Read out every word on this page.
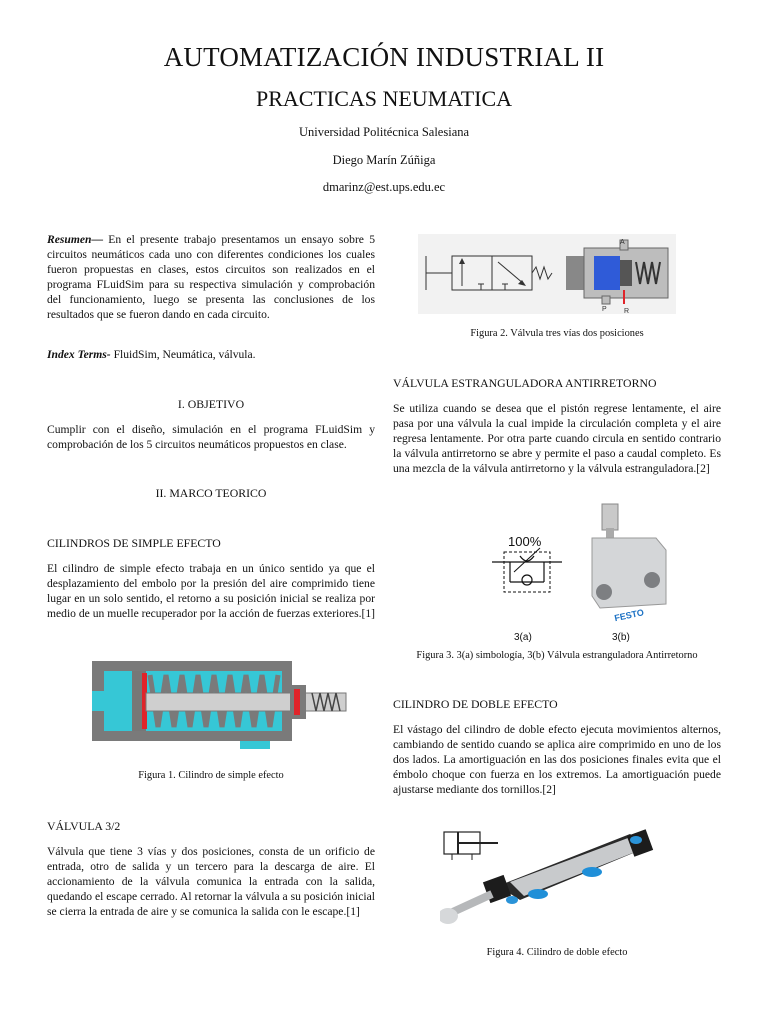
AUTOMATIZACIÓN INDUSTRIAL II
PRACTICAS NEUMATICA
Universidad Politécnica Salesiana
Diego Marín Zúñiga
dmarinz@est.ups.edu.ec
Resumen— En el presente trabajo presentamos un ensayo sobre 5 circuitos neumáticos cada uno con diferentes condiciones los cuales fueron propuestas en clases, estos circuitos son realizados en el programa FLuidSim para su respectiva simulación y comprobación del funcionamiento, luego se presenta las conclusiones de los resultados que se fueron dando en cada circuito.
Index Terms- FluidSim, Neumática, válvula.
I. OBJETIVO

Cumplir con el diseño, simulación en el programa FLuidSim y comprobación de los 5 circuitos neumáticos propuestos en clase.

II. MARCO TEORICO
CILINDROS DE SIMPLE EFECTO

El cilindro de simple efecto trabaja en un único sentido ya que el desplazamiento del embolo por la presión del aire comprimido tiene lugar en un solo sentido, el retorno a su posición inicial se realiza por medio de un muelle recuperador por la acción de fuerzas exteriores.[1]

Figura 1. Cilindro de simple efecto
VÁLVULA 3/2

Válvula que tiene 3 vías y dos posiciones, consta de un orificio de entrada, otro de salida y un tercero para la descarga de aire. El accionamiento de la válvula comunica la entrada con la salida, quedando el escape cerrado. Al retornar la válvula a su posición inicial se cierra la entrada de aire y se comunica la salida con le escape.[1]

A
P R
Figura 2. Válvula tres vías dos posiciones
VÁLVULA ESTRANGULADORA ANTIRRETORNO

Se utiliza cuando se desea que el pistón regrese lentamente, el aire pasa por una válvula la cual impide la circulación completa y el aire regresa lentamente. Por otra parte cuando circula en sentido contrario la válvula antirretorno se abre y permite el paso a caudal completo. Es una mezcla de la válvula antirretorno y la válvula estranguladora.[2]

100%
3(a)
FESTO
3(b)
Figura 3. 3(a) simbología, 3(b) Válvula estranguladora Antirretorno
CILINDRO DE DOBLE EFECTO

El vástago del cilindro de doble efecto ejecuta movimientos alternos, cambiando de sentido cuando se aplica aire comprimido en uno de los dos lados. La amortiguación en las dos posiciones finales evita que el émbolo choque con fuerza en los extremos. La amortiguación puede ajustarse mediante dos tornillos.[2]

Figura 4. Cilindro de doble efecto
